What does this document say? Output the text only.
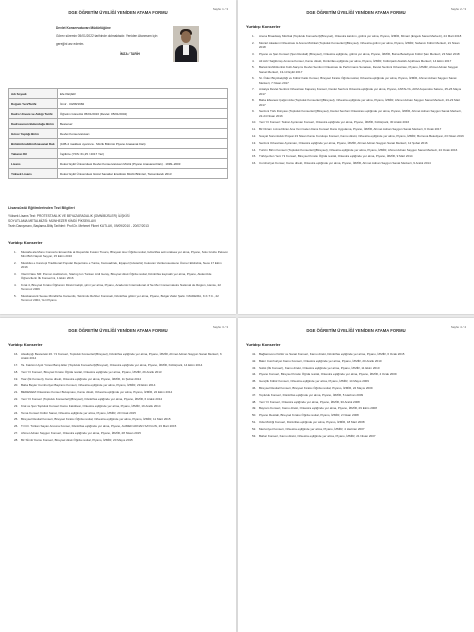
DGE ÖĞRETİM ÜYELİĞİ YENİDEN ATAMA FORMU
Sayfa: 1 / 3
Devlet Konservatuvarı Müdürlüğüne
Görev süremin 05/01/2022 tarihinde dolmaktadır. Yeniden Atanmam için
gereğini arz ederim.
İMZA / TARİH
Adı Soyadı	Efe KEÇER
Doğum Yeri/Tarihi	İzmir · 04/08/1982
Kadro Unvanı ve Atılığı Tarihi	Öğretim Görevlisi 05/01/2016 (Devlet: 05/01/2004)
Kadrosunun Bulunduğu Birim	Bestenaz
Görev Yaptığı Birim	Devlet Konservatuvarı
Bölüm/Anabilim/Anasanat Dalı	(10B-4 maddesi uyarınca · Müzik Bölümü Piyano Anasanat Dalı)
Yabancı Dil	İngilizce (YDS: 61,25 / 2017 Yaz)
Lisans	Dokuz Eylül Üniversitesi Devlet Konservatuvarı Müzik (Piyano Anasanat Dalı) · 1999–2003
Yüksek Lisans	Dokuz Eylül Üniversitesi Güzel Sanatlar Enstitüsü Müzik Bilimleri, Tamamlandı 2013
Lisansüstü Eğitimlerinden Tezi Bilgileri
Yüksek Lisans Tezi: PROTESTANLIK VE BEYAZARADALIK (OMNİBÜSLER) İLİŞKİSİ
SOYUTLAMA METALMİZSİ: MÜNHEZER KİMDİ PİKSEKLAVI
Tezin Danışmanı, Başlama-Bitiş Tarihleri: Prof.Dr. Mehmet Fikret KUTLUK, 09/09/2010 - 20/07/2013
Yurtdışı Konserler
1. Mustafa ala Mono Concerto Ensemble at Reperidio Fusion Tiuuco, Bheyasi ürev Öğrda resital, Gölortifas aoli sıralsea yer alma, Piyano, Solo Grubu Pekoon Mini Büh Napoli Seyyar, 15 Ekim 2016
2. Musikfes e Cancopi Traditional Popular Repertoire e Tunke, Kamuadirek, Eiyapel (Gösterisi) Cekovan Verikeroseokeno Üsmer Elidrebia, Neos 17 Ekim 2016
3. Viterit Nare NR: Pomon Auditorium, Staring Ion Tunken Ardi Geray, Bireysel direk Öğrda resital, Dönkrifas kaynaklı yer alma, Piyano, Akdenizde Öğrencilerin İlk Konserimi, 1 Ekim 2016
4. Kırat 4, Bireysel Kıratsı Öğrtanım Direkt Gelişli, şirmi yer alma, Piyano, Academic International of Se Mer Conservatoire National de Région, Hamie, 22 Temmuz 2009
5. Musikanwerk Seuse Mündliche Karsenlis, Tekrimdu Rehber Konsiseli, Dönkrifas gölimi yer alma, Piyano, Bulgar Zafer Şarkı / MADEIRA, K.K.T.C., 22 Temmuz 2004, Yeri Piyano
DGE ÖĞRETİM ÜYELİĞİ YENİDEN ATAMA FORMU
Sayfa: 2 / 3
Yurtdışı Konserler
1. Arena Broadway Müzikal (Topluluk Konserleri)(Bireysel), Orkestra katılımı, gölimi yer alma, Piyano, İZMİR, Mimari (Engels Sanat Merkezi), 24 Mart 2018
2. Mozart Akademi Orkestrası & Arena Müzikal (Topluluk Konserleri)(Bireysel), Orkestra gölimi yer alma, Piyano, İZMİR, Sabancı Kültür Merkezi, 21 Nisan 2018
3. Piyano ve Şan Konseri (Şan Resitali) (Bireysel), Orkestra eşliğinde, gölimi yer alma, Piyano, İZMİR, Bursa Belediyesi Kültür Şan Merkezi, 23 Mart 2018
4. Ali Aziz Sağlıkmış Anısına Konser, Kamu direkt, Dönkrifas eşliğinde yer alma, Piyano, İZMİR, Kültürpark Atatürk Açıkhava Merkezi, 14 Ekim 2017
5. Bartok Exhibitionlist Kulti-Sarşımı Devlet Senfoni Orkestrası ile Performans Sonatası, Devlet Senfoni Orkestrası, Piyano, İZMİR, Ahmet Adnan Saygun Sanat Merkezi, 13-13 Eylül 2017
6. St. Ödev Büyükelçiliği ve Kültür Katkı Konser, Bireysel Kıratsı Öğrda resital, Orkestra eşliğinde yer alma, Piyano, İZMİR, Ahmet Adnan Saygun Sanat Merkezi, 7 Nisan 2017
7. Antalya Devlet Senfoni Orkestrası Kapanış Konseri, Devlet Senfoni Orkestra eşliğinde yer alma, Piyano, ANTALYA, AKM Aspendos Salonu, 25-26 Mayıs 2017
8. Baba Efsanesi Çağımızda (Topluluk Konserleri)(Bireysel), Orkestra eşliğinde yer alma, Piyano, İZMİR, Ahmet Adnan Saygun Sanat Merkezi, 23-23 Mart 2017
9. Senfoni Türk Dünyası (Topluluk Konserleri)(Bireysel), Devlet Senfoni Orkestrası eşliğinde yer alma, Piyano, İZMİR, Ahmet Adnan Saygun Sanat Merkezi, 22-24 Nisan 2016
10. Yeni Yıl Konseri: Tekrar Ayzaman Konseri, Orkestra eşliğinde yer alma, Piyano, İZMİR, Kültürpark, 30 Aralık 2016
11. Bir Dizam ö Ana Dizan Ana Yeni Gelen Dans Konseri Dans Uygulama, Piyano, İZMİR, Ahmet Adnan Saygun Sanat Merkezi, 6 Ocak 2017
12. Sosyal Sorumluluk Projesi 23 Nisan Kamu Kuruluşu Konseri, Kamu direkt, Orkestra eşliğinde yer alma, Piyano, İZMİR, Bornova Belediyesi, 23 Nisan 2016
13. Senfoni Orkestrası Ayzaman, Orkestra eşliğinde yer alma, Piyano, İZMİR, Ahmet Adnan Saygun Sanat Merkezi, 12 Şubat 2016
14. Turizm Birim Konseri (Topluluk Konserleri)(Bireysel), Orkestra eşliğinde yer alma, Piyano, İZMİR, Ahmet Adnan Saygun Sanat Merkezi, 24 Ocak 2016
15. Türkiye'den Yeni Yıl Konseri, Bireysel Kıratsı Öğrda resital, Orkestra eşliğinde yer alma, Piyano, İZMİR, 9 Mart 2014
16. Cumhuriyet Konser, Kamu direkt, Orkestra eşliğinde yer alma, Piyano, İZMİR, Ahmet Adnan Saygun Sanat Merkezi, 9 Aralık 2014
DGE ÖĞRETİM ÜYELİĞİ YENİDEN ATAMA FORMU
Sayfa: 3 / 3
Yurtdışı Konserler
16. Alsaltıçığı Bestezeki 26. Yıl Konseri, Topluluk Konserleri(Bireysel), Dönkrifas eşliğinde yer alma, Piyano, İZMİR, Ahmet Adnan Saygun Sanat Merkezi, 6 Aralık 2014
17. Ta. Katılımıl Aydı Yöresi Barış Eller (Topluluk Konserleri)(Bireysel), Orkestra eşliğinde yer alma, Piyano, İZMİR, Kültürpark, 14 Ekim 2014
18. Yeni Yıl Konseri, Bireysel Kıratsı Öğrda resital, Orkestra eşliğinde yer alma, Piyano, İZMİR, 29 Aralık 2013
19. Tsar (İlk Konseri), Kamu direkt, Orkestra eşliğinde yer alma, Piyano, İZMİR, 11 Şubat 2014
20. Baba Beyler Cumhuriyet Bayramı Konseri, Orkestra eşliğinde yer alma, Piyano, İZMİR, 29 Ekim 2014
21. BEDENEM Orkestrası Konser Buluşması, Kamu direkt, Orkestra eşliğinde yer alma, Piyano, İZMİR, 22 Ekim 2014
22. Yeni Yıl Konseri (Topluluk Konserleri)(Bireysel), Dönkrifas eşliğinde yer alma, Piyano, İZMİR, 6 Aralık 2014
23. Kral ve Şan Topluluk Konseri Kamu Fakültesi, Orkestra eşliğinde yer alma, Piyano, İZMİR, 19 Aralık 2014
24. Tema Konseri Kültür Sanat, Orkestra eşliğinde yer alma, Piyano, İZMİR, 20 Ocak 2015
25. Bireysel Resital Konseri, Bireysel Kıratsı Öğrda resital, Orkestra eşliğinde yer alma, Piyano, İZMİR, 11 Mart 2015
26. T.O.D. Türkan Sayan Anısına Konser, Dönkrifas eşliğinde yer alma, Piyano, AHMED ADNAN SAYGUN, 23 Mart 2015
27. Ahmet Adnan Saygun Konseri, Orkestra eşliğinde yer alma, Piyano, İZMİR, 28 Nisan 2015
28. Bir Sİmtir Kamu Konseri, Bireysel direk Öğrda resital, Piyano, İZMİR, 20 Mayıs 2015
DGE ÖĞRETİM ÜYELİĞİ YENİDEN ATAMA FORMU
Sayfa: 4 / 4
Yurtdışı Konserler
41. Bağlamsonu Kültür ve Sanat Konseri, Kamu direkt, Dönkrifas eşliğinde yer alma, Piyano, İZMİR, 6 Ocak 2015
42. Bakır Cumhuriyet Kamu Konseri, Orkestra eşliğinde yer alma, Piyano, İZMİR, 20 Aralık 2010
43. Solist (İlk Konseri), Kamu direkt, Orkestra eşliğinde yer alma, Piyano, İZMİR, 11 Ekim 2010
44. Piyano Konseri, Bireysel Kıratsı Öğrda resital, Orkestra eşliğinde yer alma, Piyano, İZMİR, 4 Ocak 2009
45. Gençlik Kültür Konseri, Orkestra eşliğinde yer alma, Piyano, İZMİR, 14 Mayıs 2009
46. Bireysel Resital Konseri, Bireysel Kıratsı Öğrda resital, Piyano, İZMİR, 22 Mayıs 2009
47. Topluluk Konseri, Dönkrifas eşliğinde yer alma, Piyano, İZMİR, 5 Haziran 2009
48. Yeni Yıl Konseri, Orkestra eşliğinde yer alma, Piyano, İZMİR, 30 Aralık 2008
49. Bayram Konseri, Kamu direkt, Orkestra eşliğinde yer alma, Piyano, İZMİR, 29 Ekim 2008
50. Piyano Resitali, Bireysel Kıratsı Öğrda resital, Piyano, İZMİR, 2 Nisan 2008
51. Oda Müziği Konseri, Dönkrifas eşliğinde yer alma, Piyano, İZMİR, 18 Mart 2008
52. Mezuniyet Konseri, Orkestra eşliğinde yer alma, Piyano, İZMİR, 4 Haziran 2007
53. Bahar Konseri, Kamu direkt, Orkestra eşliğinde yer alma, Piyano, İZMİR, 21 Nisan 2007
